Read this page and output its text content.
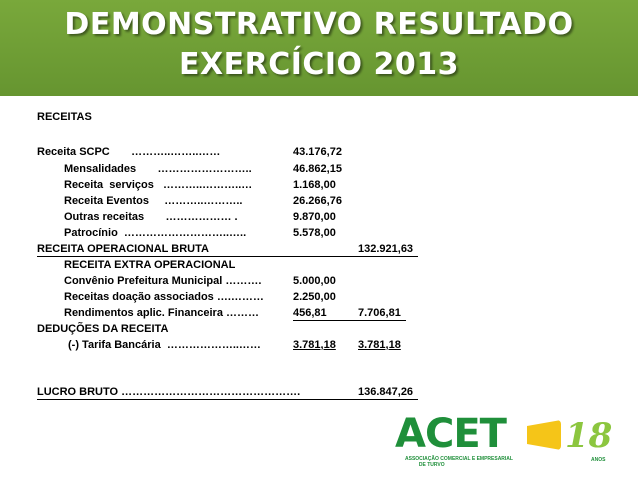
DEMONSTRATIVO RESULTADO
EXERCÍCIO 2013
RECEITAS
Receita SCPC       ………..……..……	43.176,72
Mensalidades       ……………………..	46.862,15
Receita  serviços   ………..………..…	1.168,00
Receita Eventos     ………..………..	26.266,76
Outras receitas       ……………… .	9.870,00
Patrocínio  ………………………..…..	5.578,00
RECEITA OPERACIONAL BRUTA	132.921,63
RECEITA EXTRA OPERACIONAL
Convênio Prefeitura Municipal ……….	5.000,00
Receitas doação associados ….………	2.250,00
Rendimentos aplic. Financeira ………	456,81	7.706,81
DEDUÇÕES DA RECEITA
(-) Tarifa Bancária  ………………..……	3.781,18 3.781,18
LUCRO BRUTO ………………………………………….	136.847,26
ACET 18
ASSOCIAÇÃO COMERCIAL E EMPRESARIAL
DE TURVO
ANOS
